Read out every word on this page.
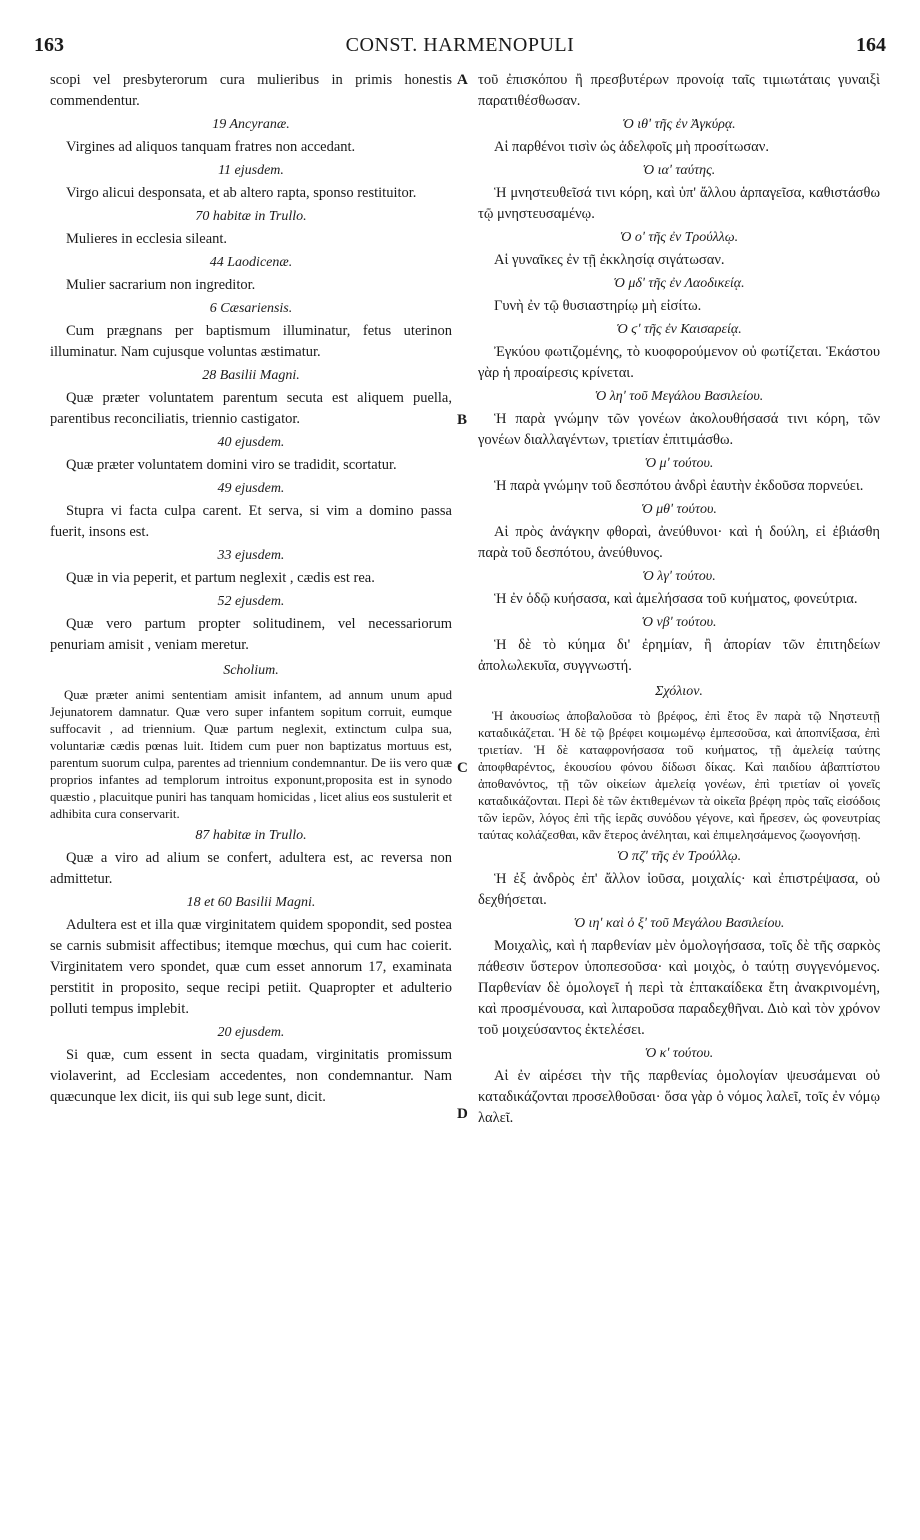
163	CONST. HARMENOPULI	164
A
B
C
D

scopi vel presbyterorum cura mulieribus in primis honestis commendentur.

19 Ancyranæ.

Virgines ad aliquos tanquam fratres non accedant.

11 ejusdem.

Virgo alicui desponsata, et ab altero rapta, sponso restituitor.

70 habitæ in Trullo.

Mulieres in ecclesia sileant.

44 Laodicenæ.

Mulier sacrarium non ingreditor.

6 Cæsariensis.

Cum prægnans per baptismum illuminatur, fetus uterinon illuminatur. Nam cujusque voluntas æstimatur.

28 Basilii Magni.

Quæ præter voluntatem parentum secuta est aliquem puella, parentibus reconciliatis, triennio castigator.

40 ejusdem.

Quæ præter voluntatem domini viro se tradidit, scortatur.

49 ejusdem.

Stupra vi facta culpa carent. Et serva, si vim a domino passa fuerit, insons est.

33 ejusdem.

Quæ in via peperit, et partum neglexit , cædis est rea.

52 ejusdem.

Quæ vero partum propter solitudinem, vel necessariorum penuriam amisit , veniam meretur.

Scholium.

Quæ præter animi sententiam amisit infantem, ad annum unum apud Jejunatorem damnatur. Quæ vero super infantem sopitum corruit, eumque suffocavit , ad triennium. Quæ partum neglexit, extinctum culpa sua, voluntariæ cædis pœnas luit. Itidem cum puer non baptizatus mortuus est, parentum suorum culpa, parentes ad triennium condemnantur. De iis vero quæ proprios infantes ad templorum introitus exponunt,proposita est in synodo quæstio , placuitque puniri has tanquam homicidas , licet alius eos sustulerit et adhibita cura conservarit.

87 habitæ in Trullo.

Quæ a viro ad alium se confert, adultera est, ac reversa non admittetur.

18 et 60 Basilii Magni.

Adultera est et illa quæ virginitatem quidem spopondit, sed postea se carnis submisit affectibus; itemque mœchus, qui cum hac coierit. Virginitatem vero spondet, quæ cum esset annorum 17, examinata perstitit in proposito, seque recipi petiit. Quapropter et adulterio polluti tempus implebit.

20 ejusdem.

Si quæ, cum essent in secta quadam, virginitatis promissum violaverint, ad Ecclesiam accedentes, non condemnantur. Nam quæcunque lex dicit, iis qui sub lege sunt, dicit.

τοῦ ἐπισκόπου ἢ πρεσβυτέρων προνοίᾳ ταῖς τιμιωτάταις γυναιξὶ παρατιθέσθωσαν.

Ὁ ιθʹ τῆς ἐν Ἀγκύρᾳ.

Αἱ παρθένοι τισὶν ὡς ἀδελφοῖς μὴ προσίτωσαν.

Ὁ ιαʹ ταύτης.

Ἡ μνηστευθεῖσά τινι κόρη, καὶ ὑπ' ἄλλου ἁρπαγεῖσα, καθιστάσθω τῷ μνηστευσαμένῳ.

Ὁ οʹ τῆς ἐν Τρούλλῳ.

Αἱ γυναῖκες ἐν τῇ ἐκκλησίᾳ σιγάτωσαν.

Ὁ μδʹ τῆς ἐν Λαοδικείᾳ.

Γυνὴ ἐν τῷ θυσιαστηρίῳ μὴ εἰσίτω.

Ὁ ϛʹ τῆς ἐν Καισαρείᾳ.

Ἐγκύου φωτιζομένης, τὸ κυοφορούμενον οὐ φωτίζεται. Ἑκάστου γὰρ ἡ προαίρεσις κρίνεται.

Ὁ ληʹ τοῦ Μεγάλου Βασιλείου.

Ἡ παρὰ γνώμην τῶν γονέων ἀκολουθήσασά τινι κόρη, τῶν γονέων διαλλαγέντων, τριετίαν ἐπιτιμάσθω.

Ὁ μʹ τούτου.

Ἡ παρὰ γνώμην τοῦ δεσπότου ἀνδρὶ ἑαυτὴν ἐκδοῦσα πορνεύει.

Ὁ μθʹ τούτου.

Αἱ πρὸς ἀνάγκην φθοραὶ, ἀνεύθυνοι· καὶ ἡ δούλη, εἰ ἐβιάσθη παρὰ τοῦ δεσπότου, ἀνεύθυνος.

Ὁ λγʹ τούτου.

Ἡ ἐν ὁδῷ κυήσασα, καὶ ἀμελήσασα τοῦ κυήματος, φονεύτρια.

Ὁ νβʹ τούτου.

Ἡ δὲ τὸ κύημα δι' ἐρημίαν, ἢ ἀπορίαν τῶν ἐπιτηδείων ἀπολωλεκυῖα, συγγνωστή.

Σχόλιον.

Ἡ ἀκουσίως ἀποβαλοῦσα τὸ βρέφος, ἐπὶ ἔτος ἓν παρὰ τῷ Νηστευτῇ καταδικάζεται. Ἡ δὲ τῷ βρέφει κοιμωμένῳ ἐμπεσοῦσα, καὶ ἀποπνίξασα, ἐπὶ τριετίαν. Ἡ δὲ καταφρονήσασα τοῦ κυήματος, τῇ ἀμελείᾳ ταύτης ἀποφθαρέντος, ἑκουσίου φόνου δίδωσι δίκας. Καὶ παιδίου ἀβαπτίστου ἀποθανόντος, τῇ τῶν οἰκείων ἀμελείᾳ γονέων, ἐπὶ τριετίαν οἱ γονεῖς καταδικάζονται. Περὶ δὲ τῶν ἐκτιθεμένων τὰ οἰκεῖα βρέφη πρὸς ταῖς εἰσόδοις τῶν ἱερῶν, λόγος ἐπὶ τῆς ἱερᾶς συνόδου γέγονε, καὶ ἤρεσεν, ὡς φονευτρίας ταύτας κολάζεσθαι, κἂν ἕτερος ἀνέληται, καὶ ἐπιμελησάμενος ζωογονήσῃ.

Ὁ πζʹ τῆς ἐν Τρούλλῳ.

Ἡ ἐξ ἀνδρὸς ἐπ' ἄλλον ἰοῦσα, μοιχαλίς· καὶ ἐπιστρέψασα, οὐ δεχθήσεται.

Ὁ ιηʹ καὶ ὁ ξʹ τοῦ Μεγάλου Βασιλείου.

Μοιχαλὶς, καὶ ἡ παρθενίαν μὲν ὁμολογήσασα, τοῖς δὲ τῆς σαρκὸς πάθεσιν ὕστερον ὑποπεσοῦσα· καὶ μοιχὸς, ὁ ταύτῃ συγγενόμενος. Παρθενίαν δὲ ὁμολογεῖ ἡ περὶ τὰ ἑπτακαίδεκα ἔτη ἀνακρινομένη, καὶ προσμένουσα, καὶ λιπαροῦσα παραδεχθῆναι. Διὸ καὶ τὸν χρόνον τοῦ μοιχεύσαντος ἐκτελέσει.

Ὁ κʹ τούτου.

Αἱ ἐν αἱρέσει τὴν τῆς παρθενίας ὁμολογίαν ψευσάμεναι οὐ καταδικάζονται προσελθοῦσαι· ὅσα γὰρ ὁ νόμος λαλεῖ, τοῖς ἐν νόμῳ λαλεῖ.
